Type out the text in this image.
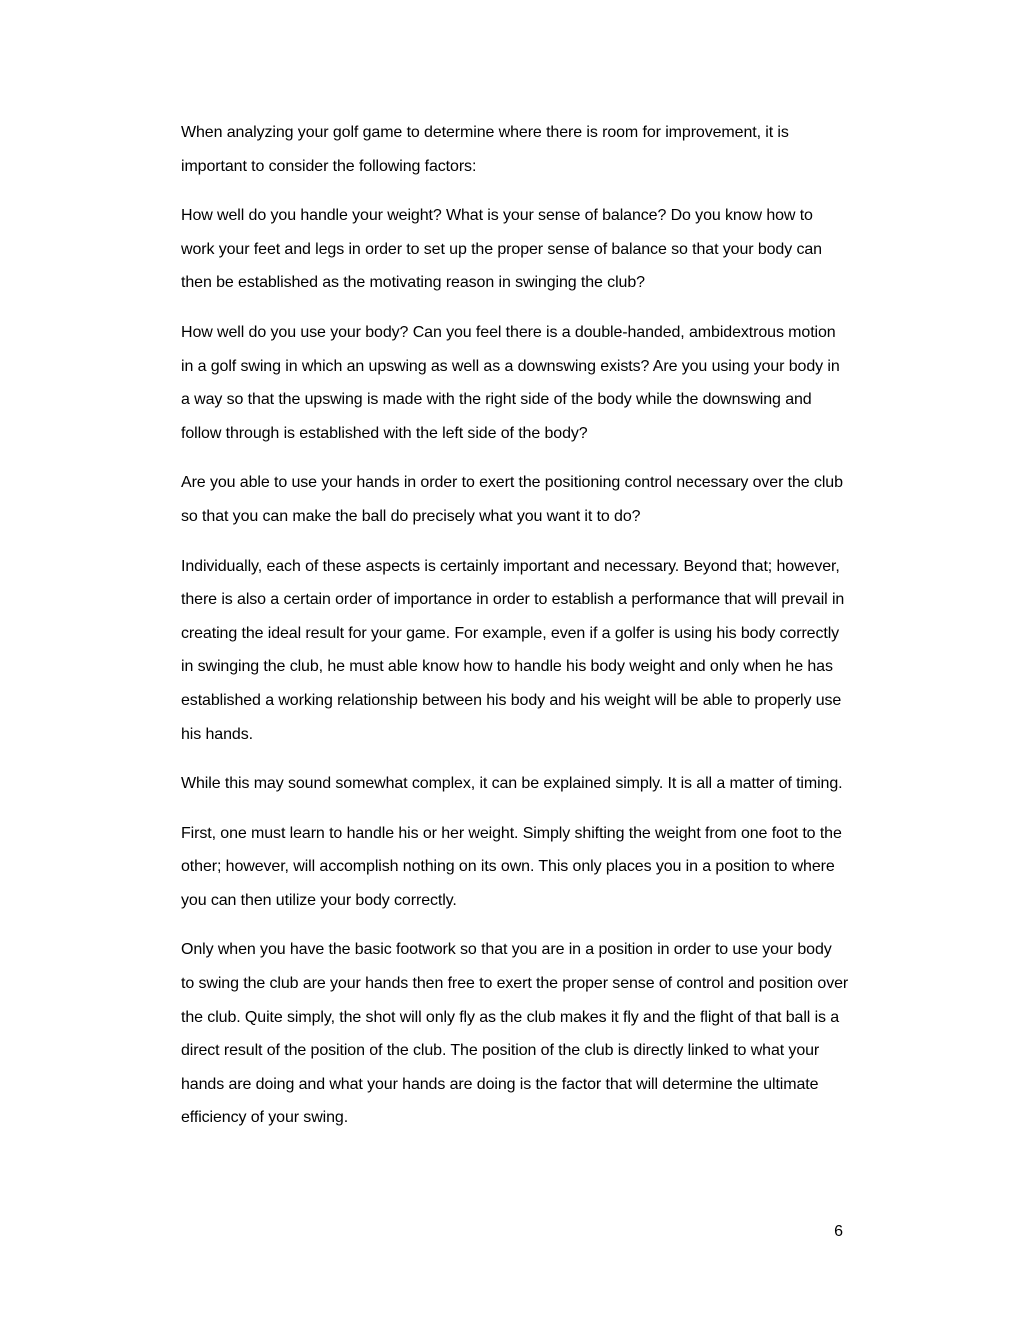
When analyzing your golf game to determine where there is room for improvement, it is important to consider the following factors:

How well do you handle your weight? What is your sense of balance? Do you know how to work your feet and legs in order to set up the proper sense of balance so that your body can then be established as the motivating reason in swinging the club?

How well do you use your body? Can you feel there is a double-handed, ambidextrous motion in a golf swing in which an upswing as well as a downswing exists? Are you using your body in a way so that the upswing is made with the right side of the body while the downswing and follow through is established with the left side of the body?

Are you able to use your hands in order to exert the positioning control necessary over the club so that you can make the ball do precisely what you want it to do?

Individually, each of these aspects is certainly important and necessary. Beyond that; however, there is also a certain order of importance in order to establish a performance that will prevail in creating the ideal result for your game. For example, even if a golfer is using his body correctly in swinging the club, he must able know how to handle his body weight and only when he has established a working relationship between his body and his weight will be able to properly use his hands.

While this may sound somewhat complex, it can be explained simply. It is all a matter of timing.

First, one must learn to handle his or her weight. Simply shifting the weight from one foot to the other; however, will accomplish nothing on its own. This only places you in a position to where you can then utilize your body correctly.

Only when you have the basic footwork so that you are in a position in order to use your body to swing the club are your hands then free to exert the proper sense of control and position over the club. Quite simply, the shot will only fly as the club makes it fly and the flight of that ball is a direct result of the position of the club. The position of the club is directly linked to what your hands are doing and what your hands are doing is the factor that will determine the ultimate efficiency of your swing.

6
